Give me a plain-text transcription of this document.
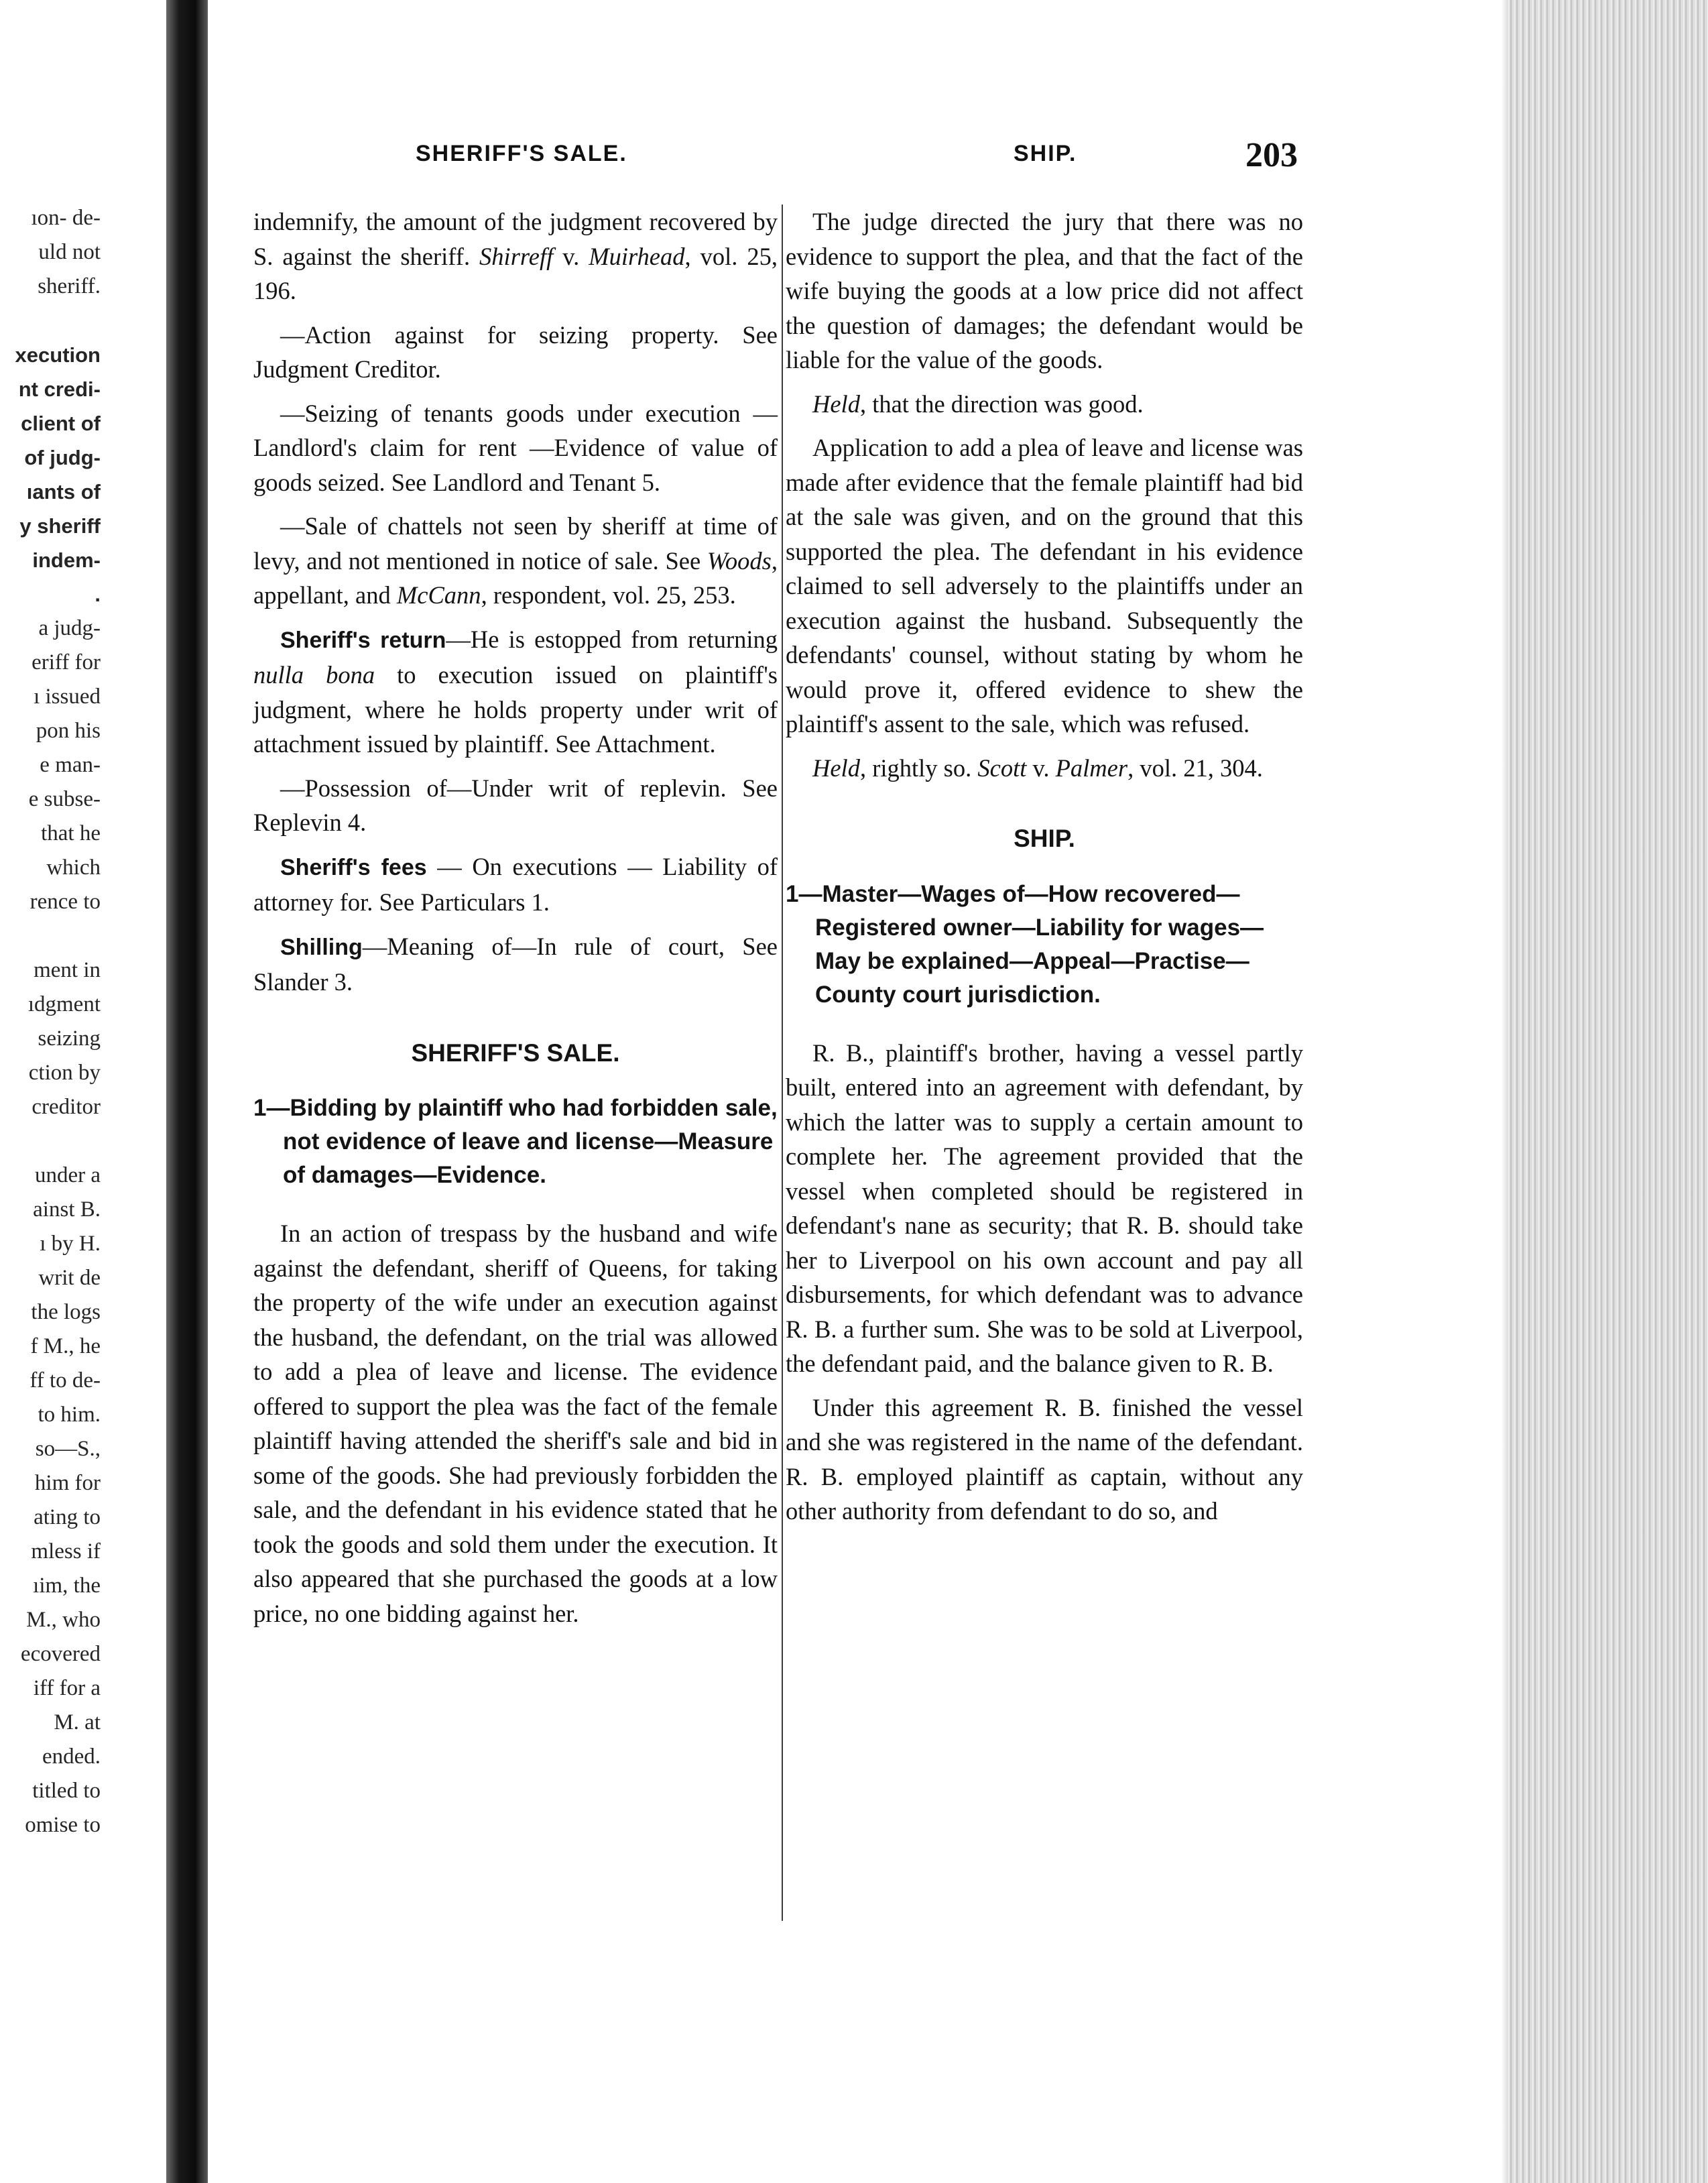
ıon- de-
uld not
sheriff.
xecution
nt credi-
client of
of judg-
ıants of
y sheriff
indem-
.
a judg-
eriff for
ı issued
pon his
e man-
e subse-
that he
which
rence to
ment in
ıdgment
seizing
ction by
creditor
under a
ainst B.
ı by H.
writ de
the logs
f M., he
ff to de-
to him.
so—S.,
him for
ating to
mless if
ıim, the
M., who
ecovered
iff for a
M. at
ended.
titled to
omise to
SHERIFF'S SALE.	SHIP.	203

indemnify, the amount of the judgment recovered by S. against the sheriff. Shirreff v. Muirhead, vol. 25, 196.

—Action against for seizing property. See Judgment Creditor.

—Seizing of tenants goods under execution — Landlord's claim for rent —Evidence of value of goods seized. See Landlord and Tenant 5.

—Sale of chattels not seen by sheriff at time of levy, and not mentioned in notice of sale. See Woods, appellant, and McCann, respondent, vol. 25, 253.

Sheriff's return—He is estopped from returning nulla bona to execution issued on plaintiff's judgment, where he holds property under writ of attachment issued by plaintiff. See Attachment.

—Possession of—Under writ of replevin. See Replevin 4.

Sheriff's fees — On executions — Liability of attorney for. See Particulars 1.

Shilling—Meaning of—In rule of court, See Slander 3.

SHERIFF'S SALE.

1—Bidding by plaintiff who had forbidden sale, not evidence of leave and license—Measure of damages—Evidence.

In an action of trespass by the husband and wife against the defendant, sheriff of Queens, for taking the property of the wife under an execution against the husband, the defendant, on the trial was allowed to add a plea of leave and license. The evidence offered to support the plea was the fact of the female plaintiff having attended the sheriff's sale and bid in some of the goods. She had previously forbidden the sale, and the defendant in his evidence stated that he took the goods and sold them under the execution. It also appeared that she purchased the goods at a low price, no one bidding against her.

The judge directed the jury that there was no evidence to support the plea, and that the fact of the wife buying the goods at a low price did not affect the question of damages; the defendant would be liable for the value of the goods.

Held, that the direction was good.

Application to add a plea of leave and license was made after evidence that the female plaintiff had bid at the sale was given, and on the ground that this supported the plea. The defendant in his evidence claimed to sell adversely to the plaintiffs under an execution against the husband. Subsequently the defendants' counsel, without stating by whom he would prove it, offered evidence to shew the plaintiff's assent to the sale, which was refused.

Held, rightly so. Scott v. Palmer, vol. 21, 304.

SHIP.

1—Master—Wages of—How recovered—Registered owner—Liability for wages—May be explained—Appeal—Practise—County court jurisdiction.

R. B., plaintiff's brother, having a vessel partly built, entered into an agreement with defendant, by which the latter was to supply a certain amount to complete her. The agreement provided that the vessel when completed should be registered in defendant's nane as security; that R. B. should take her to Liverpool on his own account and pay all disbursements, for which defendant was to advance R. B. a further sum. She was to be sold at Liverpool, the defendant paid, and the balance given to R. B.

Under this agreement R. B. finished the vessel and she was registered in the name of the defendant. R. B. employed plaintiff as captain, without any other authority from defendant to do so, and
